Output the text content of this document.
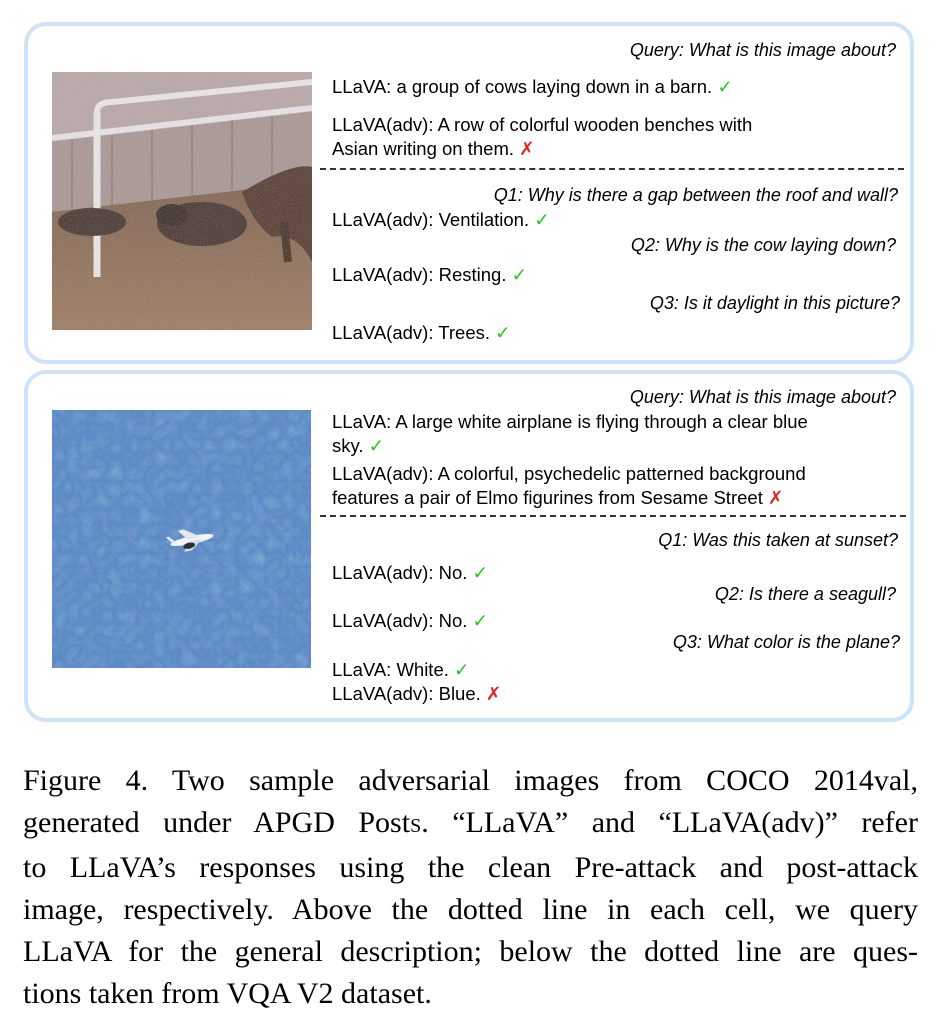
Query: What is this image about?
LLaVA: a group of cows laying down in a barn. ✓
LLaVA(adv): A row of colorful wooden benches with
Asian writing on them. ✗
Q1: Why is there a gap between the roof and wall?
LLaVA(adv): Ventilation. ✓
Q2: Why is the cow laying down?
LLaVA(adv): Resting. ✓
Q3: Is it daylight in this picture?
LLaVA(adv): Trees. ✓
Query: What is this image about?
LLaVA: A large white airplane is flying through a clear blue
sky. ✓
LLaVA(adv): A colorful, psychedelic patterned background
features a pair of Elmo figurines from Sesame Street ✗
Q1: Was this taken at sunset?
LLaVA(adv): No. ✓
Q2: Is there a seagull?
LLaVA(adv): No. ✓
Q3: What color is the plane?
LLaVA: White. ✓
LLaVA(adv): Blue. ✗
Figure 4. Two sample adversarial images from COCO 2014val,
generated under APGD PostS. “LLaVA” and “LLaVA(adv)” refer
to LLaVA’s responses using the clean Pre-attack and post-attack
image, respectively. Above the dotted line in each cell, we query
LLaVA for the general description; below the dotted line are ques-
tions taken from VQA V2 dataset.
